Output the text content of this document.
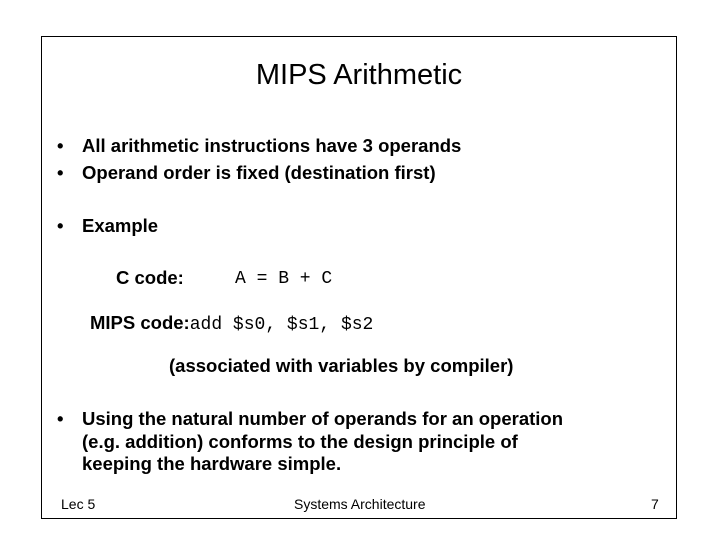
MIPS Arithmetic
• All arithmetic instructions have 3 operands
• Operand order is fixed (destination first)
• Example
C code:	A = B + C
MIPS code:add $s0, $s1, $s2
(associated with variables by compiler)
• Using the natural number of operands for an operation
(e.g. addition) conforms to the design principle of
keeping the hardware simple.
Lec 5	Systems Architecture	7
